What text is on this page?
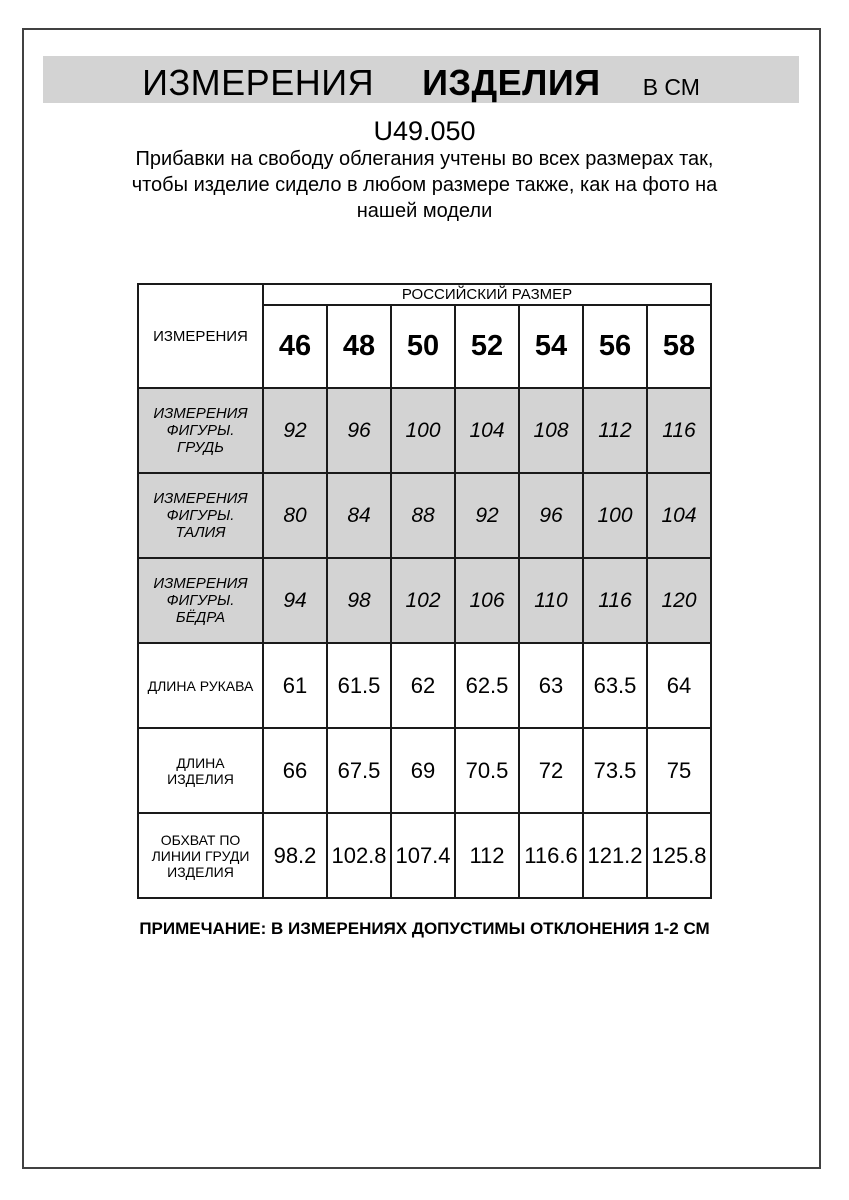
ИЗМЕРЕНИЯ ИЗДЕЛИЯ В СМ
U49.050
Прибавки на свободу облегания учтены во всех размерах так,
чтобы изделие сидело в любом размере также, как на фото на
нашей модели
ИЗМЕРЕНИЯ	РОССИЙСКИЙ РАЗМЕР						
	46	48	50	52	54	56	58
ИЗМЕРЕНИЯ ФИГУРЫ. ГРУДЬ	92	96	100	104	108	112	116
ИЗМЕРЕНИЯ ФИГУРЫ. ТАЛИЯ	80	84	88	92	96	100	104
ИЗМЕРЕНИЯ ФИГУРЫ. БЁДРА	94	98	102	106	110	116	120
ДЛИНА РУКАВА	61	61.5	62	62.5	63	63.5	64
ДЛИНА ИЗДЕЛИЯ	66	67.5	69	70.5	72	73.5	75
ОБХВАТ ПО ЛИНИИ ГРУДИ ИЗДЕЛИЯ	98.2	102.8	107.4	112	116.6	121.2	125.8
ПРИМЕЧАНИЕ: В ИЗМЕРЕНИЯХ ДОПУСТИМЫ ОТКЛОНЕНИЯ 1-2 СМ
